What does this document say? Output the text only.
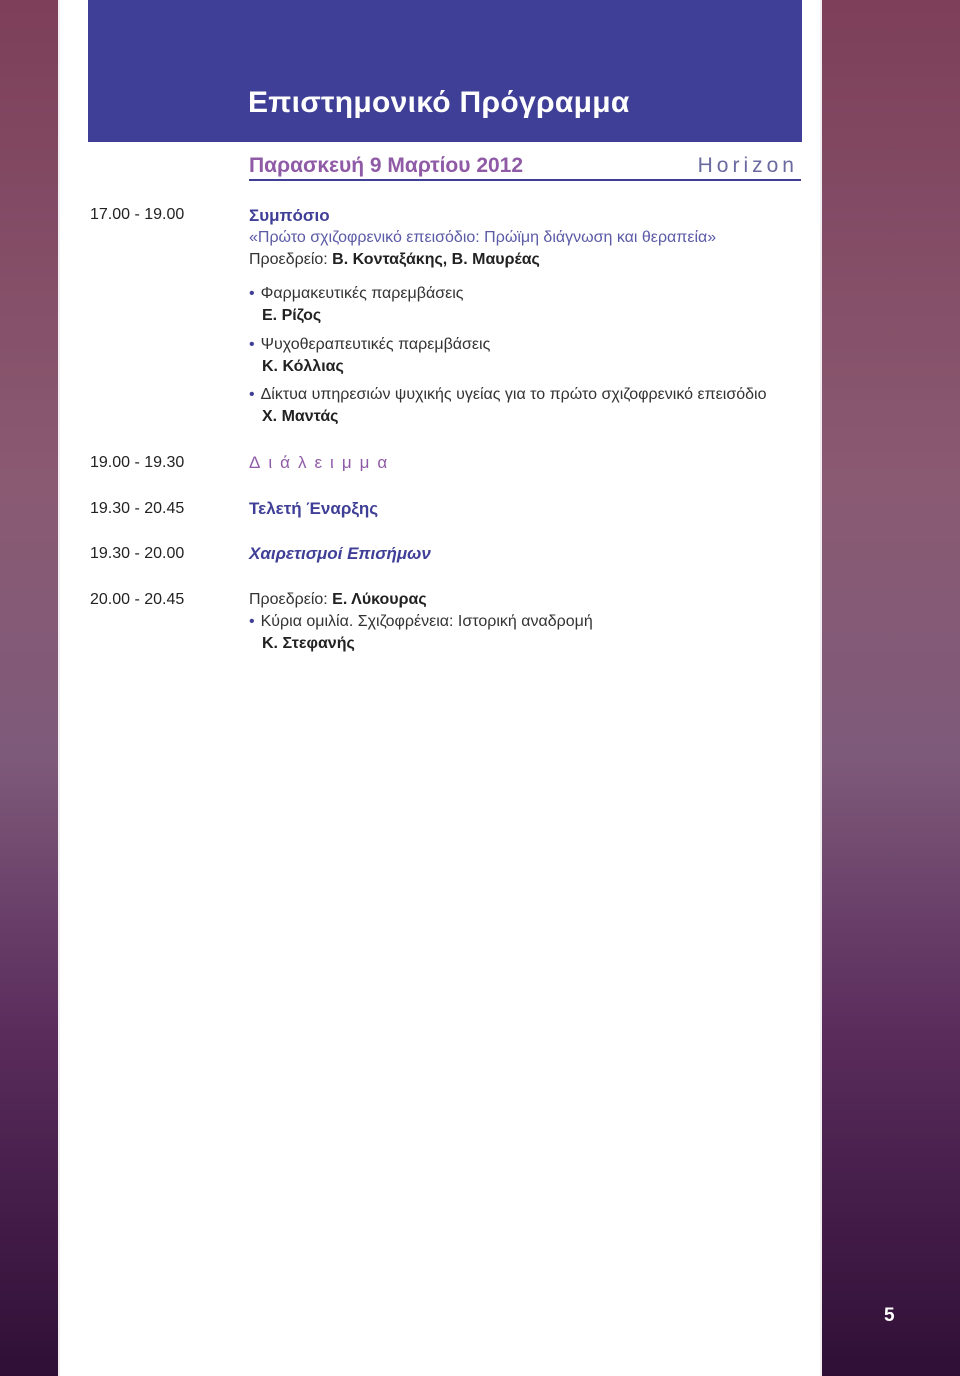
Επιστημονικό Πρόγραμμα
Παρασκευή 9 Μαρτίου 2012	Horizon
17.00 - 19.00	Συμπόσιο
«Πρώτο σχιζοφρενικό επεισόδιο: Πρώϊμη διάγνωση και θεραπεία»
Προεδρείο: Β. Κονταξάκης, Β. Μαυρέας
• Φαρμακευτικές παρεμβάσεις
Ε. Ρίζος
• Ψυχοθεραπευτικές παρεμβάσεις
Κ. Κόλλιας
• Δίκτυα υπηρεσιών ψυχικής υγείας για το πρώτο σχιζοφρενικό επεισόδιο
Χ. Μαντάς
19.00 - 19.30	Διάλειμμα
19.30 - 20.45	Τελετή Έναρξης
19.30 - 20.00	Χαιρετισμοί Επισήμων
20.00 - 20.45	Προεδρείο: Ε. Λύκουρας
• Κύρια ομιλία. Σχιζοφρένεια: Ιστορική αναδρομή
Κ. Στεφανής
5
